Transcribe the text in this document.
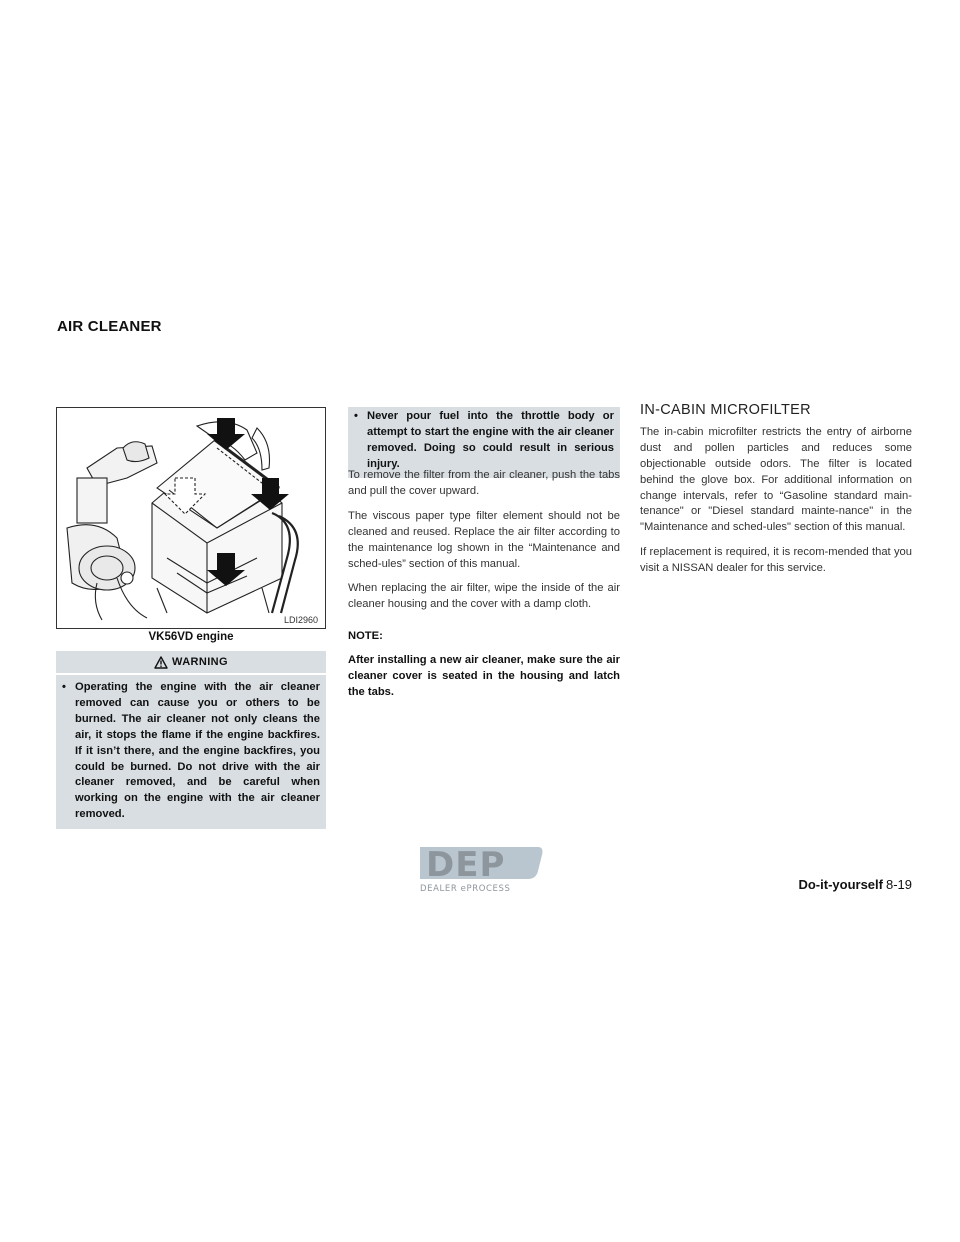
AIR CLEANER
LDI2960
VK56VD engine
WARNING
• Operating the engine with the air cleaner removed can cause you or others to be burned. The air cleaner not only cleans the air, it stops the flame if the engine backfires. If it isn’t there, and the engine backfires, you could be burned. Do not drive with the air cleaner removed, and be careful when working on the engine with the air cleaner removed.
• Never pour fuel into the throttle body or attempt to start the engine with the air cleaner removed. Doing so could result in serious injury.

To remove the filter from the air cleaner, push the tabs and pull the cover upward.

The viscous paper type filter element should not be cleaned and reused. Replace the air filter according to the maintenance log shown in the “Maintenance and sched-ules” section of this manual.

When replacing the air filter, wipe the inside of the air cleaner housing and the cover with a damp cloth.

NOTE:

After installing a new air cleaner, make sure the air cleaner cover is seated in the housing and latch the tabs.

IN-CABIN MICROFILTER

The in-cabin microfilter restricts the entry of airborne dust and pollen particles and reduces some objectionable outside odors. The filter is located behind the glove box. For additional information on change intervals, refer to “Gasoline standard main-tenance" or "Diesel standard mainte-nance" in the "Maintenance and sched-ules" section of this manual.

If replacement is required, it is recom-mended that you visit a NISSAN dealer for this service.

DEP
DEALER ePROCESS	Do-it-yourself 8-19
